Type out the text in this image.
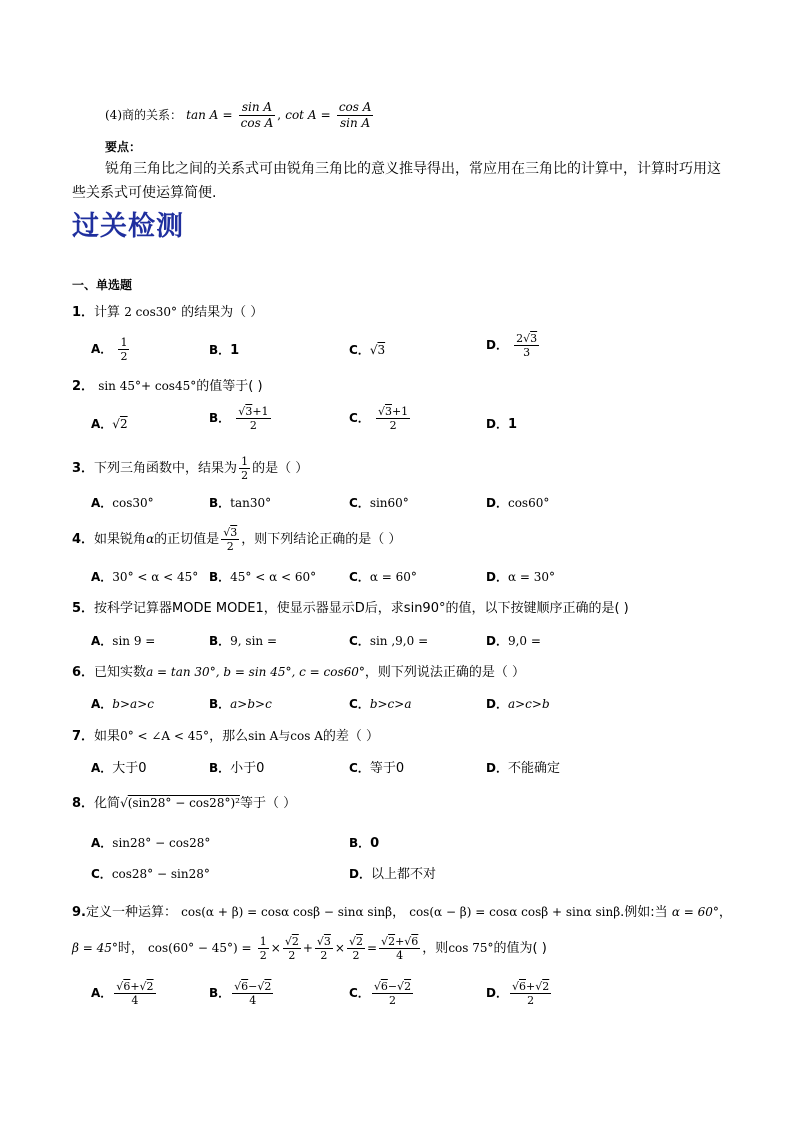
(4)商的关系： $\tan A = \frac{\text{sin A}}{\text{cos A}}$ , $\cot A = \frac{\text{cos A}}{\text{sin A}}$
要点：
锐角三角比之间的关系式可由锐角三角比的意义推导得出，常应用在三角比的计算中，计算时巧用这
些关系式可使运算简便.
过关检测
一、单选题
1．计算 2 cos30° 的结果为（ ）
A． $\frac{1}{2}$	B．1	C．√3	D． $\frac{2√3}{3}$
2． sin 45°+ cos45°的值等于( )
A．√2	B． $\frac{√3+1}{2}$	C． $\frac{√3+1}{2}$	D．1
3．下列三角函数中，结果为 $\frac{1}{2}$ 的是（ ）
A．cos30°	B．tan30°	C．sin60°	D．cos60°
4．如果锐角α的正切值是 $\frac{√3}{2}$ ，则下列结论正确的是（ ）
A．30° < α < 45° B．45° < α < 60°	C．α = 60°	D．α = 30°
5．按科学记算器MODE MODE1，使显示器显示D后，求sin90°的值，以下按键顺序正确的是( )
A．sin 9 =	B．9, sin =	C．sin ,9,0 =	D．9,0 =
6．已知实数a = tan 30°, b = sin 45°, c = cos60°，则下列说法正确的是（ ）
A．b>a>c	B．a>b>c	C．b>c>a	D．a>c>b
7．如果0° < ∠A < 45°，那么sin A与cos A的差（ ）
A．大于0	B．小于0	C．等于0	D．不能确定
8．化简√(sin28° − cos28°)²等于（ ）
A．sin28° − cos28°	B．0
C．cos28° − sin28°	D．以上都不对
9.定义一种运算： cos(α + β) = cosα cosβ − sinα sinβ， cos(α − β) = cosα cosβ + sinα sinβ.例如:当 α = 60°，
β = 45°时， $\cos(60^\circ - 45^\circ) = \frac{1}{2} \times \frac{√2}{2} + \frac{√3}{2} \times \frac{√2}{2} = \frac{√2+√6}{4}$ ，则cos 75°的值为( )
A． $\frac{√6+√2}{4}$	B． $\frac{√6-√2}{4}$	C． $\frac{√6-√2}{2}$	D． $\frac{√6+√2}{2}$
